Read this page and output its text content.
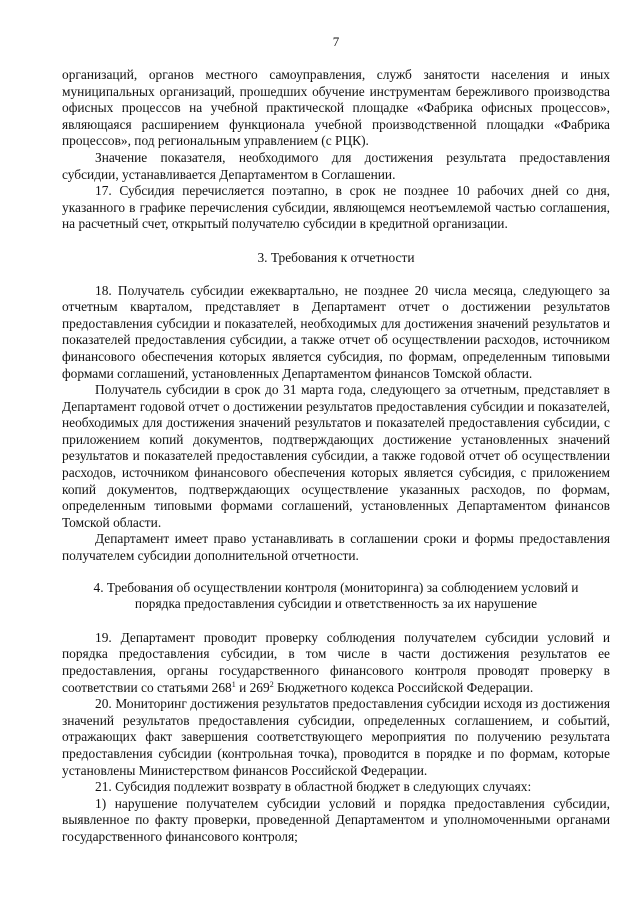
7

организаций, органов местного самоуправления, служб занятости населения и иных муниципальных организаций, прошедших обучение инструментам бережливого производства офисных процессов на учебной практической площадке «Фабрика офисных процессов», являющаяся расширением функционала учебной производственной площадки «Фабрика процессов», под региональным управлением (с РЦК).

Значение показателя, необходимого для достижения результата предоставления субсидии, устанавливается Департаментом в Соглашении.

17. Субсидия перечисляется поэтапно, в срок не позднее 10 рабочих дней со дня, указанного в графике перечисления субсидии, являющемся неотъемлемой частью соглашения, на расчетный счет, открытый получателю субсидии в кредитной организации.

3. Требования к отчетности

18. Получатель субсидии ежеквартально, не позднее 20 числа месяца, следующего за отчетным кварталом, представляет в Департамент отчет о достижении результатов предоставления субсидии и показателей, необходимых для достижения значений результатов и показателей предоставления субсидии, а также отчет об осуществлении расходов, источником финансового обеспечения которых является субсидия, по формам, определенным типовыми формами соглашений, установленных Департаментом финансов Томской области.

Получатель субсидии в срок до 31 марта года, следующего за отчетным, представляет в Департамент годовой отчет о достижении результатов предоставления субсидии и показателей, необходимых для достижения значений результатов и показателей предоставления субсидии, с приложением копий документов, подтверждающих достижение установленных значений результатов и показателей предоставления субсидии, а также годовой отчет об осуществлении расходов, источником финансового обеспечения которых является субсидия, с приложением копий документов, подтверждающих осуществление указанных расходов, по формам, определенным типовыми формами соглашений, установленных Департаментом финансов Томской области.

Департамент имеет право устанавливать в соглашении сроки и формы предоставления получателем субсидии дополнительной отчетности.

4. Требования об осуществлении контроля (мониторинга) за соблюдением условий и порядка предоставления субсидии и ответственность за их нарушение

19. Департамент проводит проверку соблюдения получателем субсидии условий и порядка предоставления субсидии, в том числе в части достижения результатов ее предоставления, органы государственного финансового контроля проводят проверку в соответствии со статьями $268^1$ и $269^2$ Бюджетного кодекса Российской Федерации.

20. Мониторинг достижения результатов предоставления субсидии исходя из достижения значений результатов предоставления субсидии, определенных соглашением, и событий, отражающих факт завершения соответствующего мероприятия по получению результата предоставления субсидии (контрольная точка), проводится в порядке и по формам, которые установлены Министерством финансов Российской Федерации.

21. Субсидия подлежит возврату в областной бюджет в следующих случаях:

1) нарушение получателем субсидии условий и порядка предоставления субсидии, выявленное по факту проверки, проведенной Департаментом и уполномоченными органами государственного финансового контроля;
